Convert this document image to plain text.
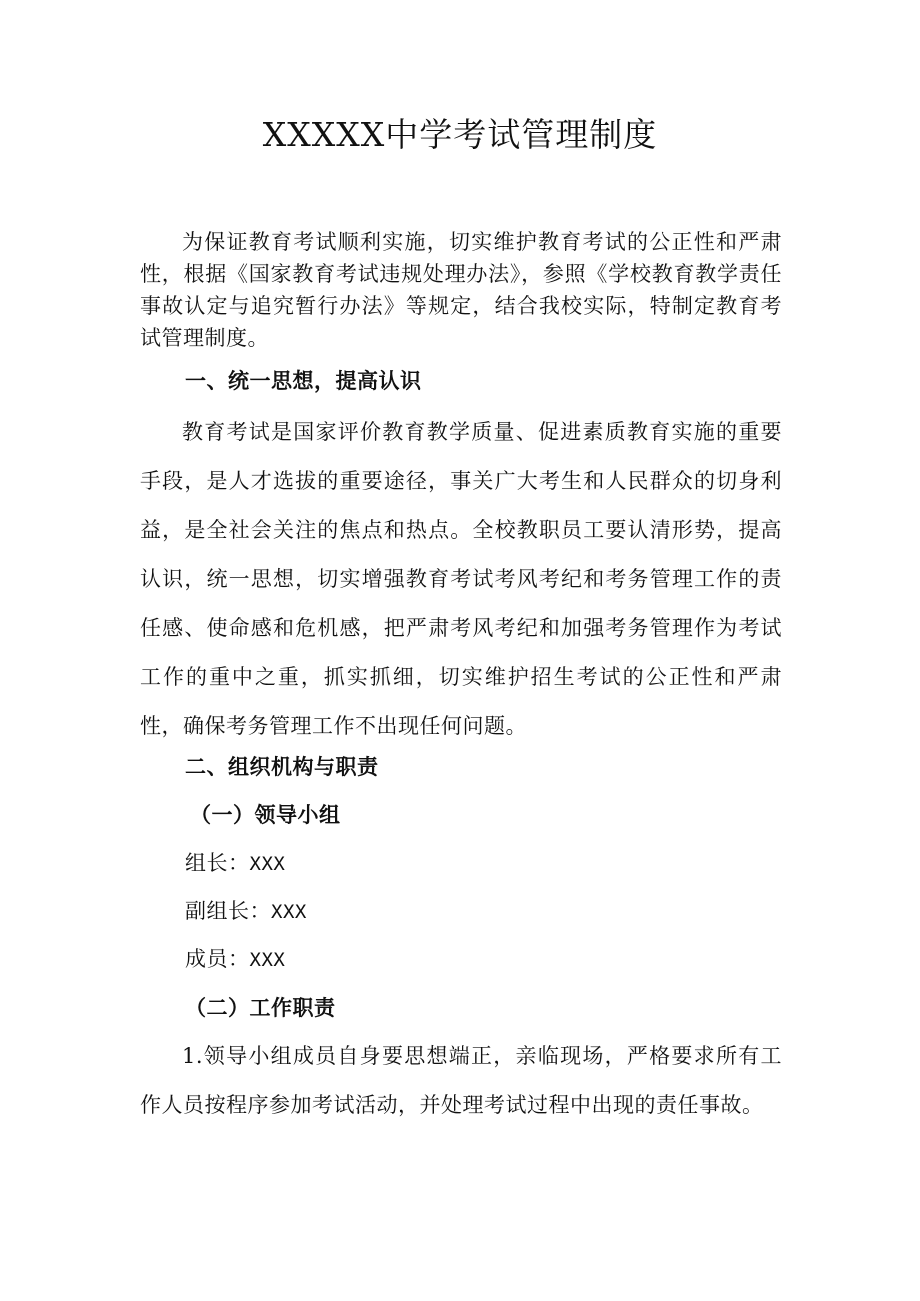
XXXXX中学考试管理制度

为保证教育考试顺利实施，切实维护教育考试的公正性和严肃性，根据《国家教育考试违规处理办法》，参照《学校教育教学责任事故认定与追究暂行办法》等规定，结合我校实际，特制定教育考试管理制度。

一、统一思想，提高认识

教育考试是国家评价教育教学质量、促进素质教育实施的重要手段，是人才选拔的重要途径，事关广大考生和人民群众的切身利益，是全社会关注的焦点和热点。全校教职员工要认清形势，提高认识，统一思想，切实增强教育考试考风考纪和考务管理工作的责任感、使命感和危机感，把严肃考风考纪和加强考务管理作为考试工作的重中之重，抓实抓细，切实维护招生考试的公正性和严肃性，确保考务管理工作不出现任何问题。

二、组织机构与职责

（一）领导小组

组长：XXX

副组长：XXX

成员：XXX

（二）工作职责

1.领导小组成员自身要思想端正，亲临现场，严格要求所有工作人员按程序参加考试活动，并处理考试过程中出现的责任事故。
